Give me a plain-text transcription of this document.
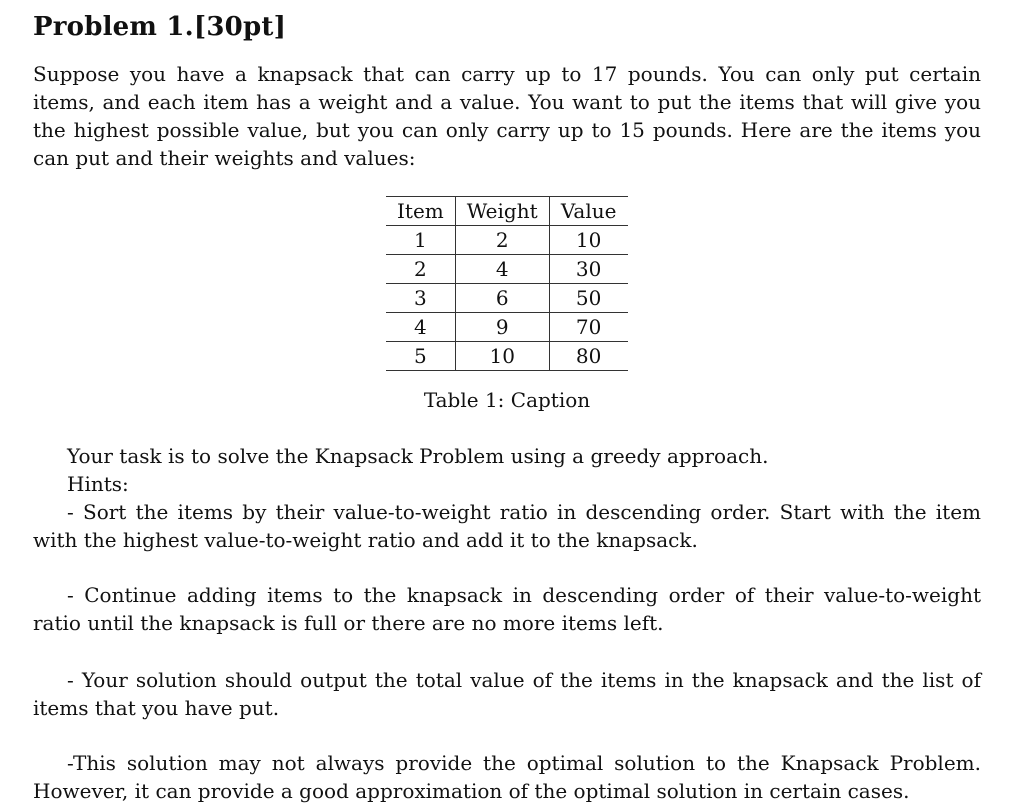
Problem 1.[30pt]

Suppose you have a knapsack that can carry up to 17 pounds. You can only put certain items, and each item has a weight and a value. You want to put the items that will give you the highest possible value, but you can only carry up to 15 pounds. Here are the items you can put and their weights and values:

Item	Weight	Value
1	2	10
2	4	30
3	6	50
4	9	70
5	10	80
Table 1: Caption

Your task is to solve the Knapsack Problem using a greedy approach.

Hints:

- Sort the items by their value-to-weight ratio in descending order. Start with the item with the highest value-to-weight ratio and add it to the knapsack.

- Continue adding items to the knapsack in descending order of their value-to-weight ratio until the knapsack is full or there are no more items left.

- Your solution should output the total value of the items in the knapsack and the list of items that you have put.

-This solution may not always provide the optimal solution to the Knapsack Problem. However, it can provide a good approximation of the optimal solution in certain cases.
